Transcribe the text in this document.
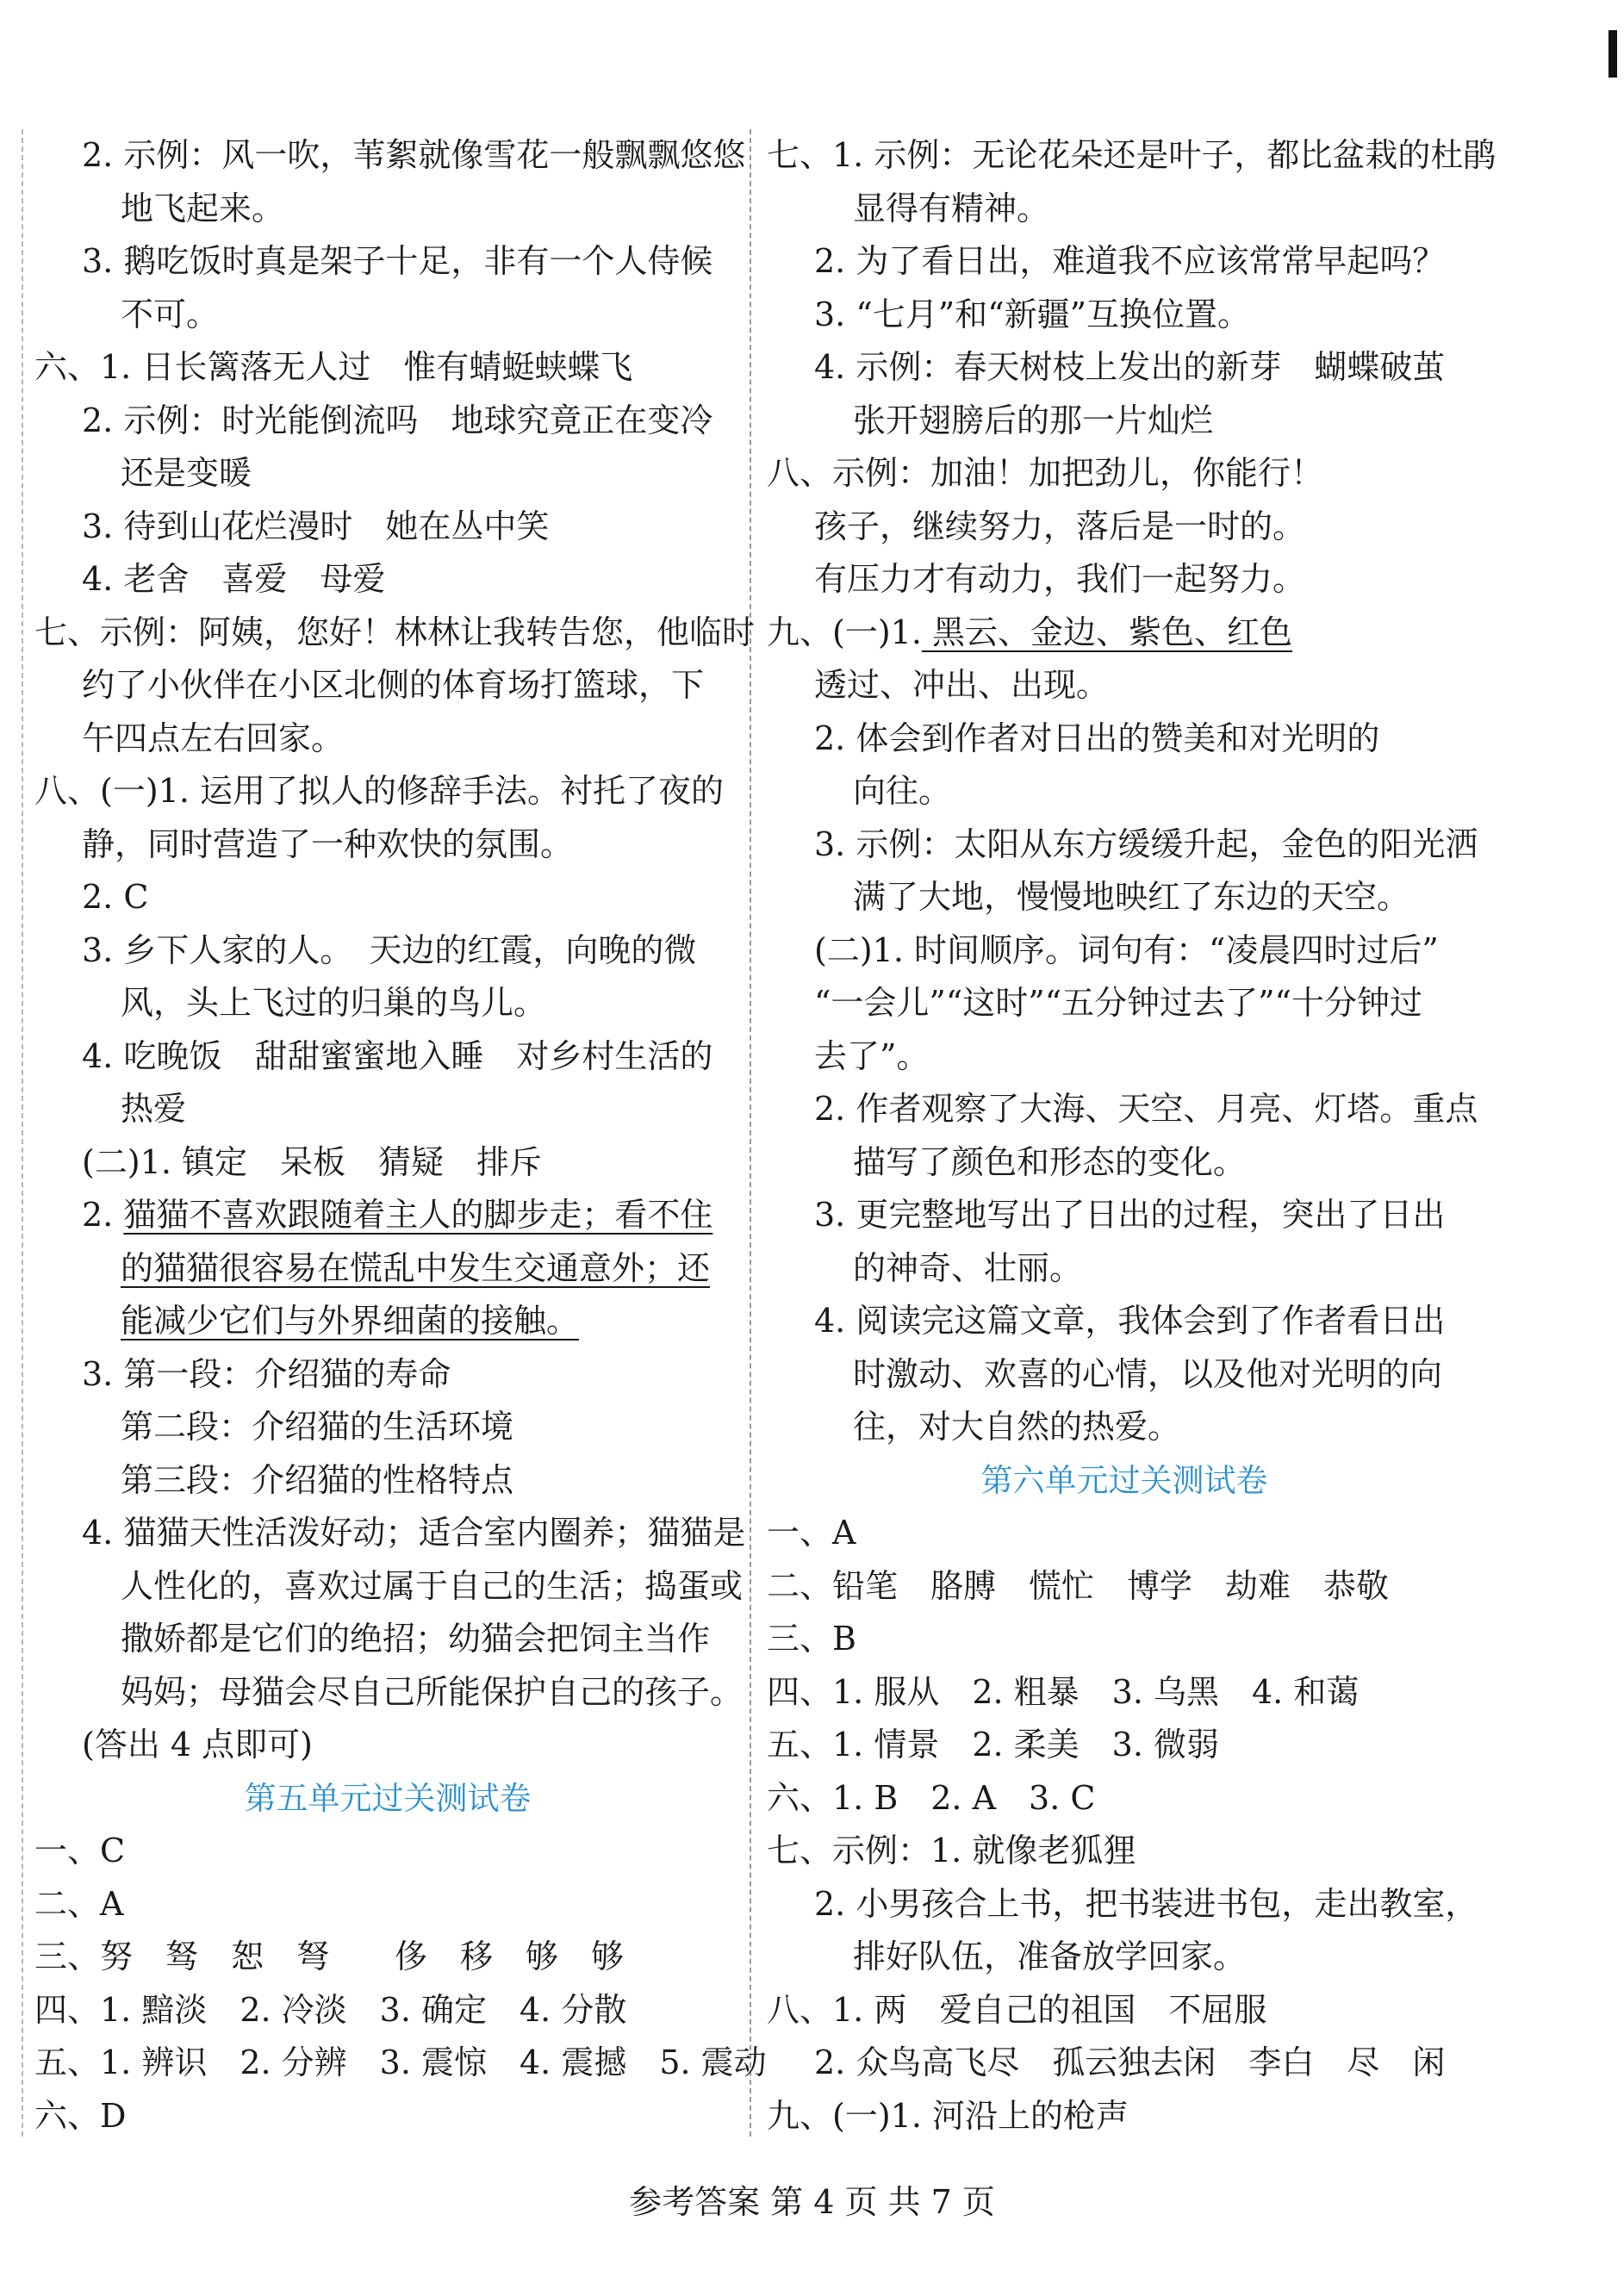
2. 示例：风一吹，苇絮就像雪花一般飘飘悠悠
地飞起来。
3. 鹅吃饭时真是架子十足，非有一个人侍候
不可。
六、1. 日长篱落无人过　惟有蜻蜓蛱蝶飞
2. 示例：时光能倒流吗　地球究竟正在变冷
还是变暖
3. 待到山花烂漫时　她在丛中笑
4. 老舍　喜爱　母爱
七、示例：阿姨，您好！林林让我转告您，他临时
约了小伙伴在小区北侧的体育场打篮球，下
午四点左右回家。
八、(一)1. 运用了拟人的修辞手法。衬托了夜的
静，同时营造了一种欢快的氛围。
2. C
3. 乡下人家的人。　天边的红霞，向晚的微
风，头上飞过的归巢的鸟儿。
4. 吃晚饭　甜甜蜜蜜地入睡　对乡村生活的
热爱
(二)1. 镇定　呆板　猜疑　排斥
2. 猫猫不喜欢跟随着主人的脚步走；看不住
的猫猫很容易在慌乱中发生交通意外；还
能减少它们与外界细菌的接触。
3. 第一段：介绍猫的寿命
第二段：介绍猫的生活环境
第三段：介绍猫的性格特点
4. 猫猫天性活泼好动；适合室内圈养；猫猫是
人性化的，喜欢过属于自己的生活；捣蛋或
撒娇都是它们的绝招；幼猫会把饲主当作
妈妈；母猫会尽自己所能保护自己的孩子。
(答出 4 点即可)
第五单元过关测试卷
一、C
二、A
三、努　驽　恕　弩　　侈　移　够　够
四、1. 黯淡　2. 冷淡　3. 确定　4. 分散
五、1. 辨识　2. 分辨　3. 震惊　4. 震撼　5. 震动
六、D
七、1. 示例：无论花朵还是叶子，都比盆栽的杜鹃
显得有精神。
2. 为了看日出，难道我不应该常常早起吗？
3. “七月”和“新疆”互换位置。
4. 示例：春天树枝上发出的新芽　蝴蝶破茧
张开翅膀后的那一片灿烂
八、示例：加油！加把劲儿，你能行！
孩子，继续努力，落后是一时的。
有压力才有动力，我们一起努力。
九、(一)1. 黑云、金边、紫色、红色
透过、冲出、出现。
2. 体会到作者对日出的赞美和对光明的
向往。
3. 示例：太阳从东方缓缓升起，金色的阳光洒
满了大地，慢慢地映红了东边的天空。
(二)1. 时间顺序。词句有：“凌晨四时过后”
“一会儿”“这时”“五分钟过去了”“十分钟过
去了”。
2. 作者观察了大海、天空、月亮、灯塔。重点
描写了颜色和形态的变化。
3. 更完整地写出了日出的过程，突出了日出
的神奇、壮丽。
4. 阅读完这篇文章，我体会到了作者看日出
时激动、欢喜的心情，以及他对光明的向
往，对大自然的热爱。
第六单元过关测试卷
一、A
二、铅笔　胳膊　慌忙　博学　劫难　恭敬
三、B
四、1. 服从　2. 粗暴　3. 乌黑　4. 和蔼
五、1. 情景　2. 柔美　3. 微弱
六、1. B　2. A　3. C
七、示例：1. 就像老狐狸
2. 小男孩合上书，把书装进书包，走出教室，
排好队伍，准备放学回家。
八、1. 两　爱自己的祖国　不屈服
2. 众鸟高飞尽　孤云独去闲　李白　尽　闲
九、(一)1. 河沿上的枪声
参考答案 第 4 页 共 7 页
